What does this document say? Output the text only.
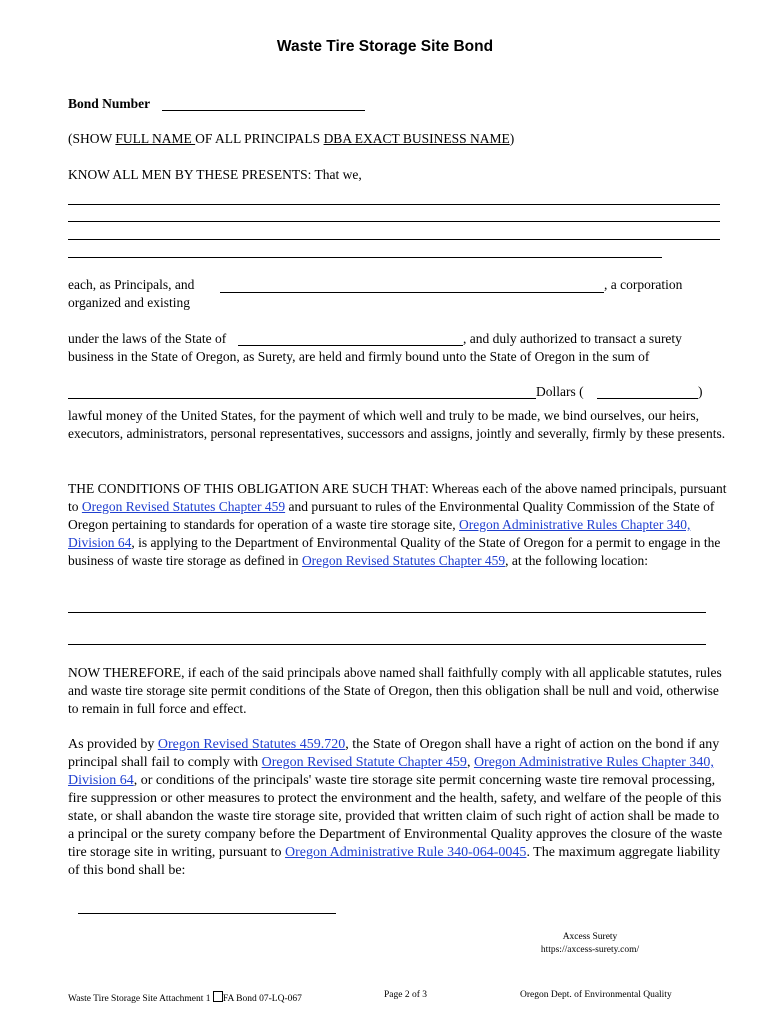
Waste Tire Storage Site Bond
Bond Number
(SHOW FULL NAME OF ALL PRINCIPALS DBA EXACT BUSINESS NAME)
KNOW ALL MEN BY THESE PRESENTS: That we,
each, as Principals, and	, a corporation
organized and existing
under the laws of the State of	, and duly authorized to transact a surety
business in the State of Oregon, as Surety, are held and firmly bound unto the State of Oregon in the sum of
Dollars (	)
lawful money of the United States, for the payment of which well and truly to be made, we bind ourselves, our heirs, executors, administrators, personal representatives, successors and assigns, jointly and severally, firmly by these presents.
THE CONDITIONS OF THIS OBLIGATION ARE SUCH THAT: Whereas each of the above named principals, pursuant to Oregon Revised Statutes Chapter 459 and pursuant to rules of the Environmental Quality Commission of the State of Oregon pertaining to standards for operation of a waste tire storage site, Oregon Administrative Rules Chapter 340, Division 64, is applying to the Department of Environmental Quality of the State of Oregon for a permit to engage in the business of waste tire storage as defined in Oregon Revised Statutes Chapter 459, at the following location:
NOW THEREFORE, if each of the said principals above named shall faithfully comply with all applicable statutes, rules and waste tire storage site permit conditions of the State of Oregon, then this obligation shall be null and void, otherwise to remain in full force and effect.
As provided by Oregon Revised Statutes 459.720, the State of Oregon shall have a right of action on the bond if any principal shall fail to comply with Oregon Revised Statute Chapter 459, Oregon Administrative Rules Chapter 340, Division 64, or conditions of the principals' waste tire storage site permit concerning waste tire removal processing, fire suppression or other measures to protect the environment and the health, safety, and welfare of the people of this state, or shall abandon the waste tire storage site, provided that written claim of such right of action shall be made to a principal or the surety company before the Department of Environmental Quality approves the closure of the waste tire storage site in writing, pursuant to Oregon Administrative Rule 340-064-0045. The maximum aggregate liability of this bond shall be:
Axcess Surety
https://axcess-surety.com/
Waste Tire Storage Site Attachment 1 FA Bond 07-LQ-067	Page 2 of 3	Oregon Dept. of Environmental Quality
